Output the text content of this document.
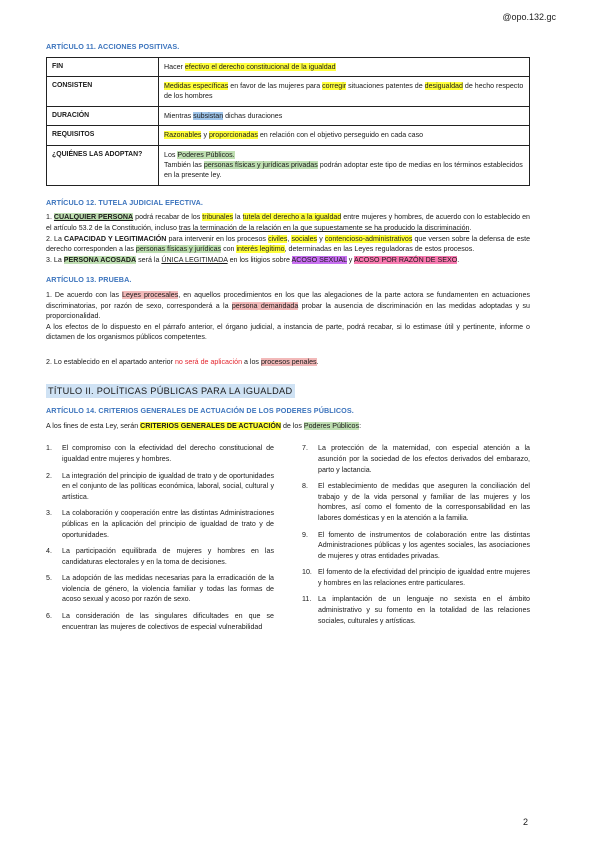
@opo.132.gc
ARTÍCULO 11. ACCIONES POSITIVAS.
FIN	Hacer efectivo el derecho constitucional de la igualdad
CONSISTEN	Medidas específicas en favor de las mujeres para corregir situaciones patentes de desigualdad de hecho respecto de los hombres
DURACIÓN	Mientras subsistan dichas duraciones
REQUISITOS	Razonables y proporcionadas en relación con el objetivo perseguido en cada caso
¿QUIÉNES LAS ADOPTAN?	Los Poderes Públicos.
También las personas físicas y jurídicas privadas podrán adoptar este tipo de medias en los términos establecidos en la presente ley.
ARTÍCULO 12. TUTELA JUDICIAL EFECTIVA.
1. CUALQUIER PERSONA podrá recabar de los tribunales la tutela del derecho a la igualdad entre mujeres y hombres, de acuerdo con lo establecido en el artículo 53.2 de la Constitución, incluso tras la terminación de la relación en la que supuestamente se ha producido la discriminación.
2. La CAPACIDAD Y LEGITIMACIÓN para intervenir en los procesos civiles, sociales y contencioso-administrativos que versen sobre la defensa de este derecho corresponden a las personas físicas y jurídicas con interés legítimo, determinadas en las Leyes reguladoras de estos procesos.
3. La PERSONA ACOSADA será la ÚNICA LEGITIMADA en los litigios sobre ACOSO SEXUAL y ACOSO POR RAZÓN DE SEXO.
ARTÍCULO 13. PRUEBA.
1. De acuerdo con las Leyes procesales, en aquellos procedimientos en los que las alegaciones de la parte actora se fundamenten en actuaciones discriminatorias, por razón de sexo, corresponderá a la persona demandada probar la ausencia de discriminación en las medidas adoptadas y su proporcionalidad.
A los efectos de lo dispuesto en el párrafo anterior, el órgano judicial, a instancia de parte, podrá recabar, si lo estimase útil y pertinente, informe o dictamen de los organismos públicos competentes.
2. Lo establecido en el apartado anterior no será de aplicación a los procesos penales.
TÍTULO II. POLÍTICAS PÚBLICAS PARA LA IGUALDAD
ARTÍCULO 14. CRITERIOS GENERALES DE ACTUACIÓN DE LOS PODERES PÚBLICOS.
A los fines de esta Ley, serán CRITERIOS GENERALES DE ACTUACIÓN de los Poderes Públicos:
1.	El compromiso con la efectividad del derecho constitucional de igualdad entre mujeres y hombres.
2.	La integración del principio de igualdad de trato y de oportunidades en el conjunto de las políticas económica, laboral, social, cultural y artística.
3.	La colaboración y cooperación entre las distintas Administraciones públicas en la aplicación del principio de igualdad de trato y de oportunidades.
4.	La participación equilibrada de mujeres y hombres en las candidaturas electorales y en la toma de decisiones.
5.	La adopción de las medidas necesarias para la erradicación de la violencia de género, la violencia familiar y todas las formas de acoso sexual y acoso por razón de sexo.
6.	La consideración de las singulares dificultades en que se encuentran las mujeres de colectivos de especial vulnerabilidad
7.	La protección de la maternidad, con especial atención a la asunción por la sociedad de los efectos derivados del embarazo, parto y lactancia.
8.	El establecimiento de medidas que aseguren la conciliación del trabajo y de la vida personal y familiar de las mujeres y los hombres, así como el fomento de la corresponsabilidad en las labores domésticas y en la atención a la familia.
9.	El fomento de instrumentos de colaboración entre las distintas Administraciones públicas y los agentes sociales, las asociaciones de mujeres y otras entidades privadas.
10. El fomento de la efectividad del principio de igualdad entre mujeres y hombres en las relaciones entre particulares.
11. La implantación de un lenguaje no sexista en el ámbito administrativo y su fomento en la totalidad de las relaciones sociales, culturales y artísticas.
2
